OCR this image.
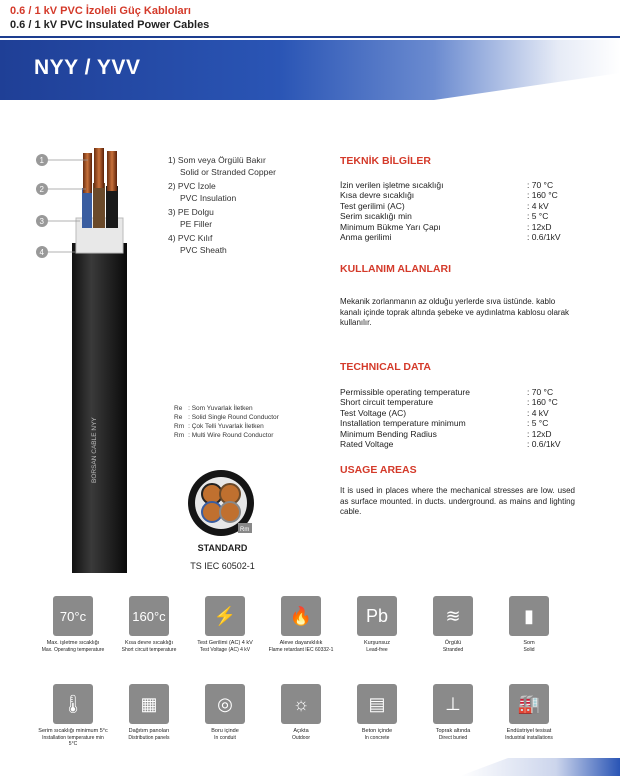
0.6 / 1 kV PVC İzoleli Güç Kabloları
0.6 / 1 kV PVC Insulated Power Cables
NYY / YVV
1
2
3
4
BORSAN CABLE NYY
1) Som veya Örgülü Bakır
Solid or Stranded Copper
2) PVC İzole
PVC Insulation
3) PE Dolgu
PE Filler
4) PVC Kılıf
PVC Sheath
Re	: Som Yuvarlak İletken
Re	: Solid Single Round Conductor
Rm	: Çok Telli Yuvarlak İletken
Rm	: Multi Wire Round Conductor
Rm
STANDARD
TS IEC 60502-1
TEKNİK BİLGİLER
İzin verilen işletme sıcaklığı	: 70 °C
Kısa devre sıcaklığı	: 160 °C
Test gerilimi (AC)	: 4 kV
Serim sıcaklığı min	: 5 °C
Minimum Bükme Yarı Çapı	: 12xD
Anma gerilimi	: 0.6/1kV
KULLANIM ALANLARI
Mekanik zorlanmanın az olduğu yerlerde sıva üstünde. kablo kanalı içinde toprak altında şebeke ve aydınlatma kablosu olarak kullanılır.
TECHNICAL DATA
Permissible operating temperature	: 70 °C
Short circuit temperature	: 160 °C
Test Voltage (AC)	: 4 kV
Installation temperature minimum	: 5 °C
Minimum Bending Radius	: 12xD
Rated Voltage	: 0.6/1kV
USAGE AREAS
It is used in places where the mechanical stresses are low. used as surface mounted. in ducts. underground. as mains and lighting cable.
70°c
Max. işletme sıcaklığı
Max. Operating temperature
160°c
Kısa devre sıcaklığı
Short circuit temperature
⚡
Test Gerilimi (AC) 4 kV
Test Voltage (AC) 4 kV
🔥
Aleve dayanıklılık
Flame retardant IEC 60332-1
Pb
Kurşunsuz
Lead-free
≋
Örgülü
Stranded
▮
Som
Solid
🌡
Serim sıcaklığı minimum 5°c
Installation temperature min 5°C
▦
Dağıtım panoları
Distribution panels
◎
Boru içinde
In conduit
☼
Açıkta
Outdoor
▤
Beton içinde
In concrete
⊥
Toprak altında
Direct buried
🏭
Endüstriyel tesisat
Industrial installations
